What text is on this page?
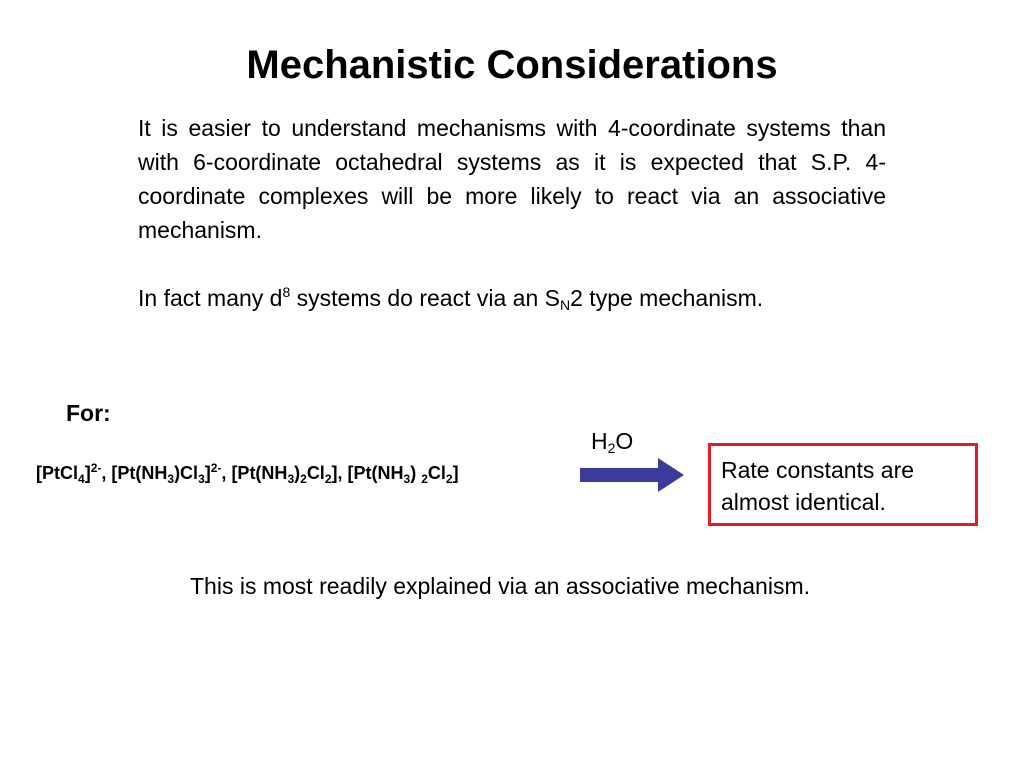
Mechanistic Considerations
It is easier to understand mechanisms with 4-coordinate systems than with 6-coordinate octahedral systems as it is expected that S.P. 4-coordinate complexes will be more likely to react via an associative mechanism.
In fact many $d^8$ systems do react via an $S_N2$ type mechanism.
For:
[PtCl$_4$]$^{2-}$, $[Pt(NH_3)Cl_3]^{2-}$, $[Pt(NH_3)_2Cl_2]$, [$Pt(NH_3)$ $_2Cl_2$]
$H_2O$
Rate constants are
almost identical.
This is most readily explained via an associative mechanism.
